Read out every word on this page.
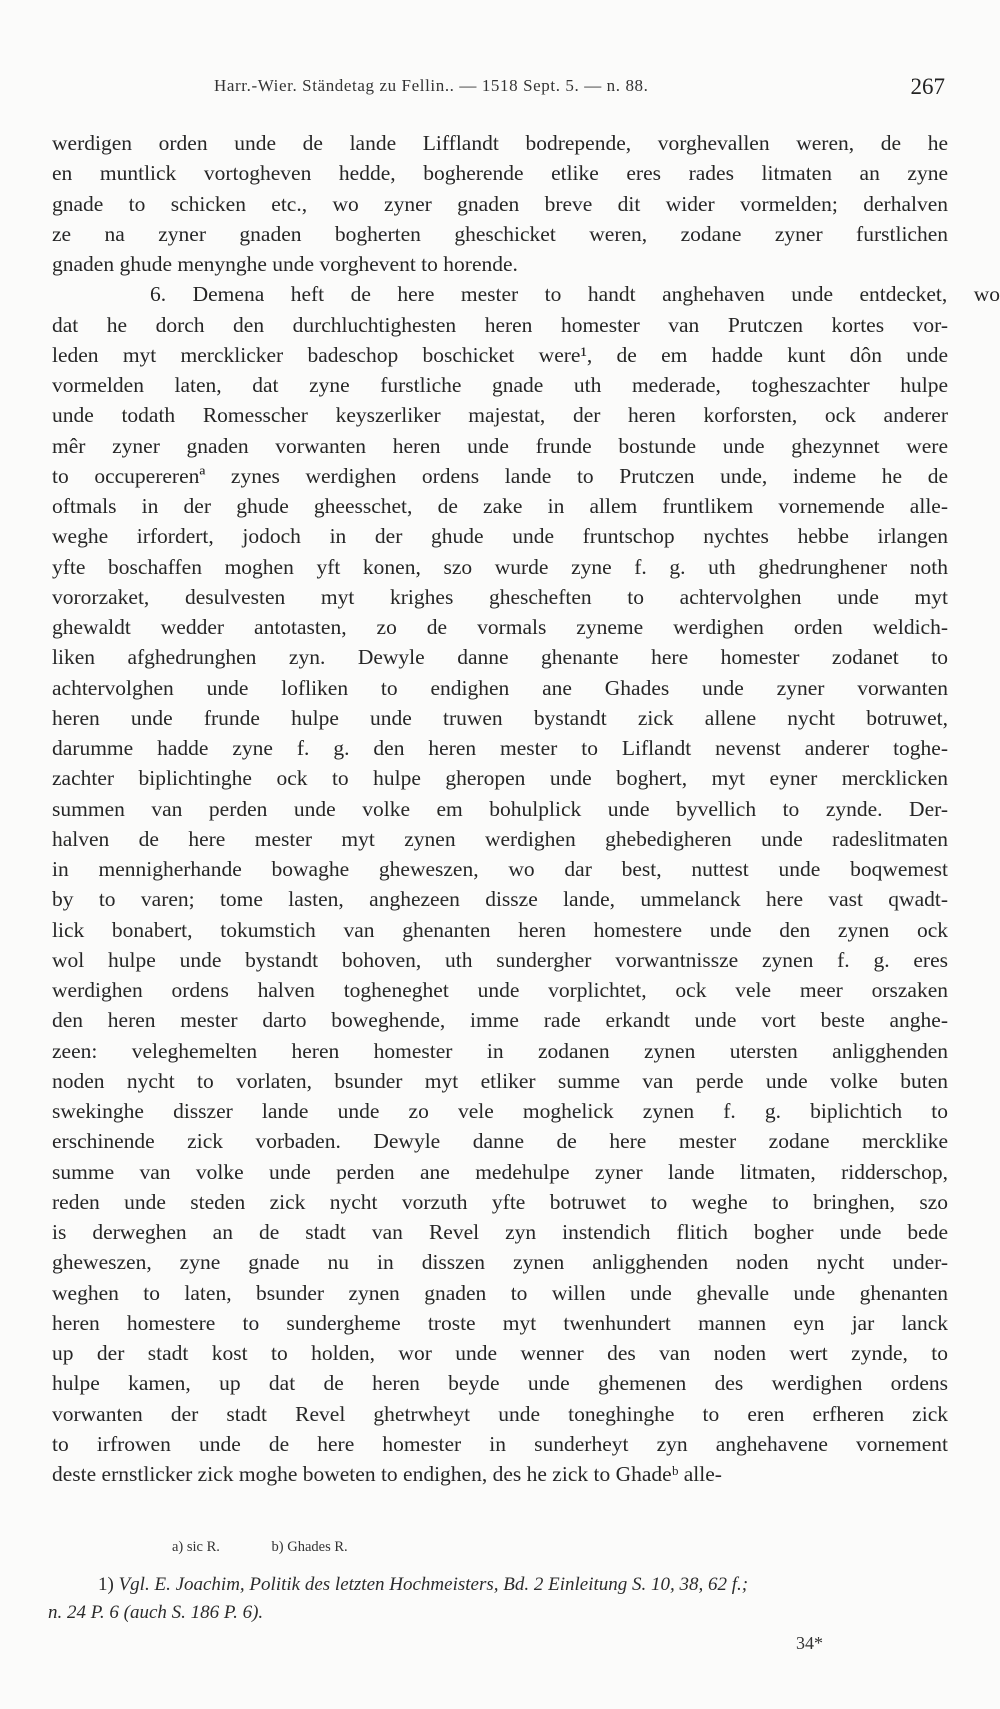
Harr.-Wier. Ständetag zu Fellin.. — 1518 Sept. 5. — n. 88.	267
werdigen orden unde de lande Lifflandt bodrepende, vorghevallen weren, de he
en muntlick vortogheven hedde, bogherende etlike eres rades litmaten an zyne
gnade to schicken etc., wo zyner gnaden breve dit wider vormelden; derhalven
ze na zyner gnaden bogherten gheschicket weren, zodane zyner furstlichen
gnaden ghude menynghe unde vorghevent to horende.
6. Demena heft de here mester to handt anghehaven unde entdecket, wo
dat he dorch den durchluchtighesten heren homester van Prutczen kortes vor-
leden myt mercklicker badeschop boschicket were¹, de em hadde kunt dôn unde
vormelden laten, dat zyne furstliche gnade uth mederade, togheszachter hulpe
unde todath Romesscher keyszerliker majestat, der heren korforsten, ock anderer
mêr zyner gnaden vorwanten heren unde frunde bostunde unde ghezynnet were
to occupererenª zynes werdighen ordens lande to Prutczen unde, indeme he de
oftmals in der ghude gheesschet, de zake in allem fruntlikem vornemende alle-
weghe irfordert, jodoch in der ghude unde fruntschop nychtes hebbe irlangen
yfte boschaffen moghen yft konen, szo wurde zyne f. g. uth ghedrunghener noth
vororzaket, desulvesten myt krighes ghescheften to achtervolghen unde myt
ghewaldt wedder antotasten, zo de vormals zyneme werdighen orden weldich-
liken afghedrunghen zyn. Dewyle danne ghenante here homester zodanet to
achtervolghen unde lofliken to endighen ane Ghades unde zyner vorwanten
heren unde frunde hulpe unde truwen bystandt zick allene nycht botruwet,
darumme hadde zyne f. g. den heren mester to Liflandt nevenst anderer toghe-
zachter biplichtinghe ock to hulpe gheropen unde boghert, myt eyner mercklicken
summen van perden unde volke em bohulplick unde byvellich to zynde. Der-
halven de here mester myt zynen werdighen ghebedigheren unde radeslitmaten
in mennigherhande bowaghe gheweszen, wo dar best, nuttest unde boqwemest
by to varen; tome lasten, anghezeen dissze lande, ummelanck here vast qwadt-
lick bonabert, tokumstich van ghenanten heren homestere unde den zynen ock
wol hulpe unde bystandt bohoven, uth sundergher vorwantnissze zynen f. g. eres
werdighen ordens halven togheneghet unde vorplichtet, ock vele meer orszaken
den heren mester darto boweghende, imme rade erkandt unde vort beste anghe-
zeen: veleghemelten heren homester in zodanen zynen utersten anligghenden
noden nycht to vorlaten, bsunder myt etliker summe van perde unde volke buten
swekinghe disszer lande unde zo vele moghelick zynen f. g. biplichtich to
erschinende zick vorbaden. Dewyle danne de here mester zodane mercklike
summe van volke unde perden ane medehulpe zyner lande litmaten, ridderschop,
reden unde steden zick nycht vorzuth yfte botruwet to weghe to bringhen, szo
is derweghen an de stadt van Revel zyn instendich flitich bogher unde bede
gheweszen, zyne gnade nu in disszen zynen anligghenden noden nycht under-
weghen to laten, bsunder zynen gnaden to willen unde ghevalle unde ghenanten
heren homestere to sundergheme troste myt twenhundert mannen eyn jar lanck
up der stadt kost to holden, wor unde wenner des van noden wert zynde, to
hulpe kamen, up dat de heren beyde unde ghemenen des werdighen ordens
vorwanten der stadt Revel ghetrwheyt unde toneghinghe to eren erfheren zick
to irfrowen unde de here homester in sunderheyt zyn anghehavene vornement
deste ernstlicker zick moghe boweten to endighen, des he zick to Ghadeᵇ alle-
a) sic R.	b) Ghades R.
1) Vgl. E. Joachim, Politik des letzten Hochmeisters, Bd. 2 Einleitung S. 10, 38, 62 f.;
n. 24 P. 6 (auch S. 186 P. 6).
34*
